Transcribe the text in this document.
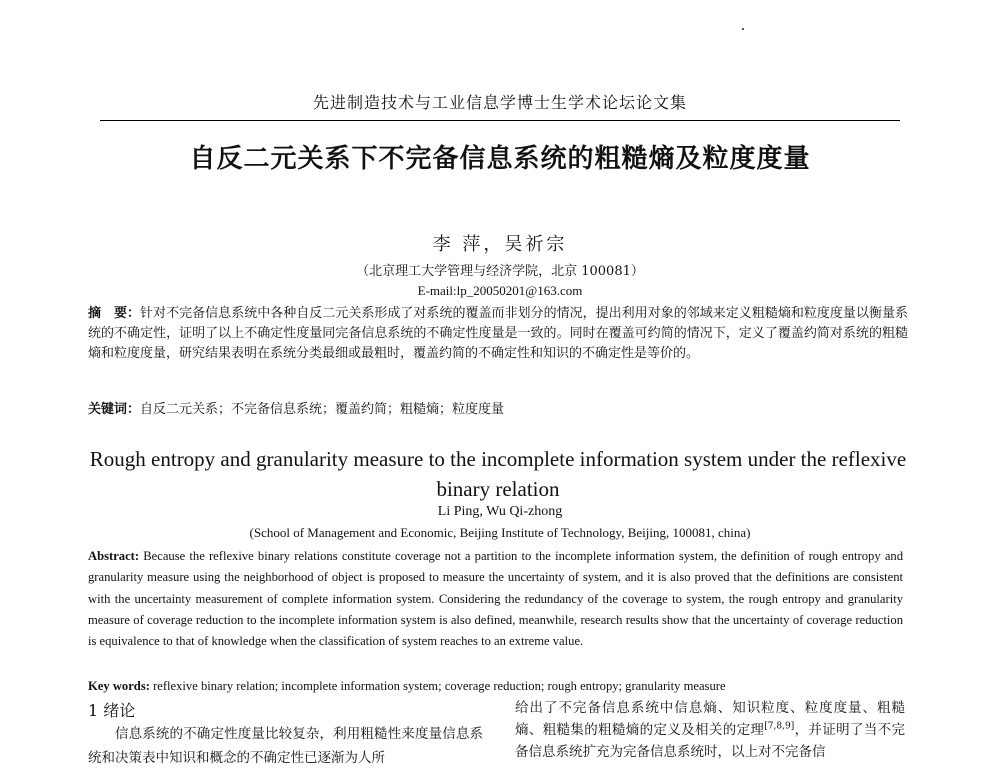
先进制造技术与工业信息学博士生学术论坛论文集
自反二元关系下不完备信息系统的粗糙熵及粒度度量
李 萍，吴祈宗
（北京理工大学管理与经济学院，北京 100081）
E-mail:lp_20050201@163.com
摘　要：针对不完备信息系统中各种自反二元关系形成了对系统的覆盖而非划分的情况，提出利用对象的邻域来定义粗糙熵和粒度度量以衡量系统的不确定性，证明了以上不确定性度量同完备信息系统的不确定性度量是一致的。同时在覆盖可约简的情况下，定义了覆盖约简对系统的粗糙熵和粒度度量，研究结果表明在系统分类最细或最粗时，覆盖约简的不确定性和知识的不确定性是等价的。
关键词：自反二元关系；不完备信息系统；覆盖约简；粗糙熵；粒度度量
Rough entropy and granularity measure to the incomplete information system under the reflexive
binary relation
Li Ping, Wu Qi-zhong
(School of Management and Economic, Beijing Institute of Technology, Beijing, 100081, china)
Abstract: Because the reflexive binary relations constitute coverage not a partition to the incomplete information system, the definition of rough entropy and granularity measure using the neighborhood of object is proposed to measure the uncertainty of system, and it is also proved that the definitions are consistent with the uncertainty measurement of complete information system. Considering the redundancy of the coverage to system, the rough entropy and granularity measure of coverage reduction to the incomplete information system is also defined, meanwhile, research results show that the uncertainty of coverage reduction is equivalence to that of knowledge when the classification of system reaches to an extreme value.
Key words: reflexive binary relation; incomplete information system; coverage reduction; rough entropy; granularity measure
1 绪论
信息系统的不确定性度量比较复杂，利用粗糙性来度量信息系统和决策表中知识和概念的不确定性已逐渐为人所
给出了不完备信息系统中信息熵、知识粒度、粒度度量、粗糙熵、粗糙集的粗糙熵的定义及相关的定理[7,8,9]，并证明了当不完备信息系统扩充为完备信息系统时，以上对不完备信
